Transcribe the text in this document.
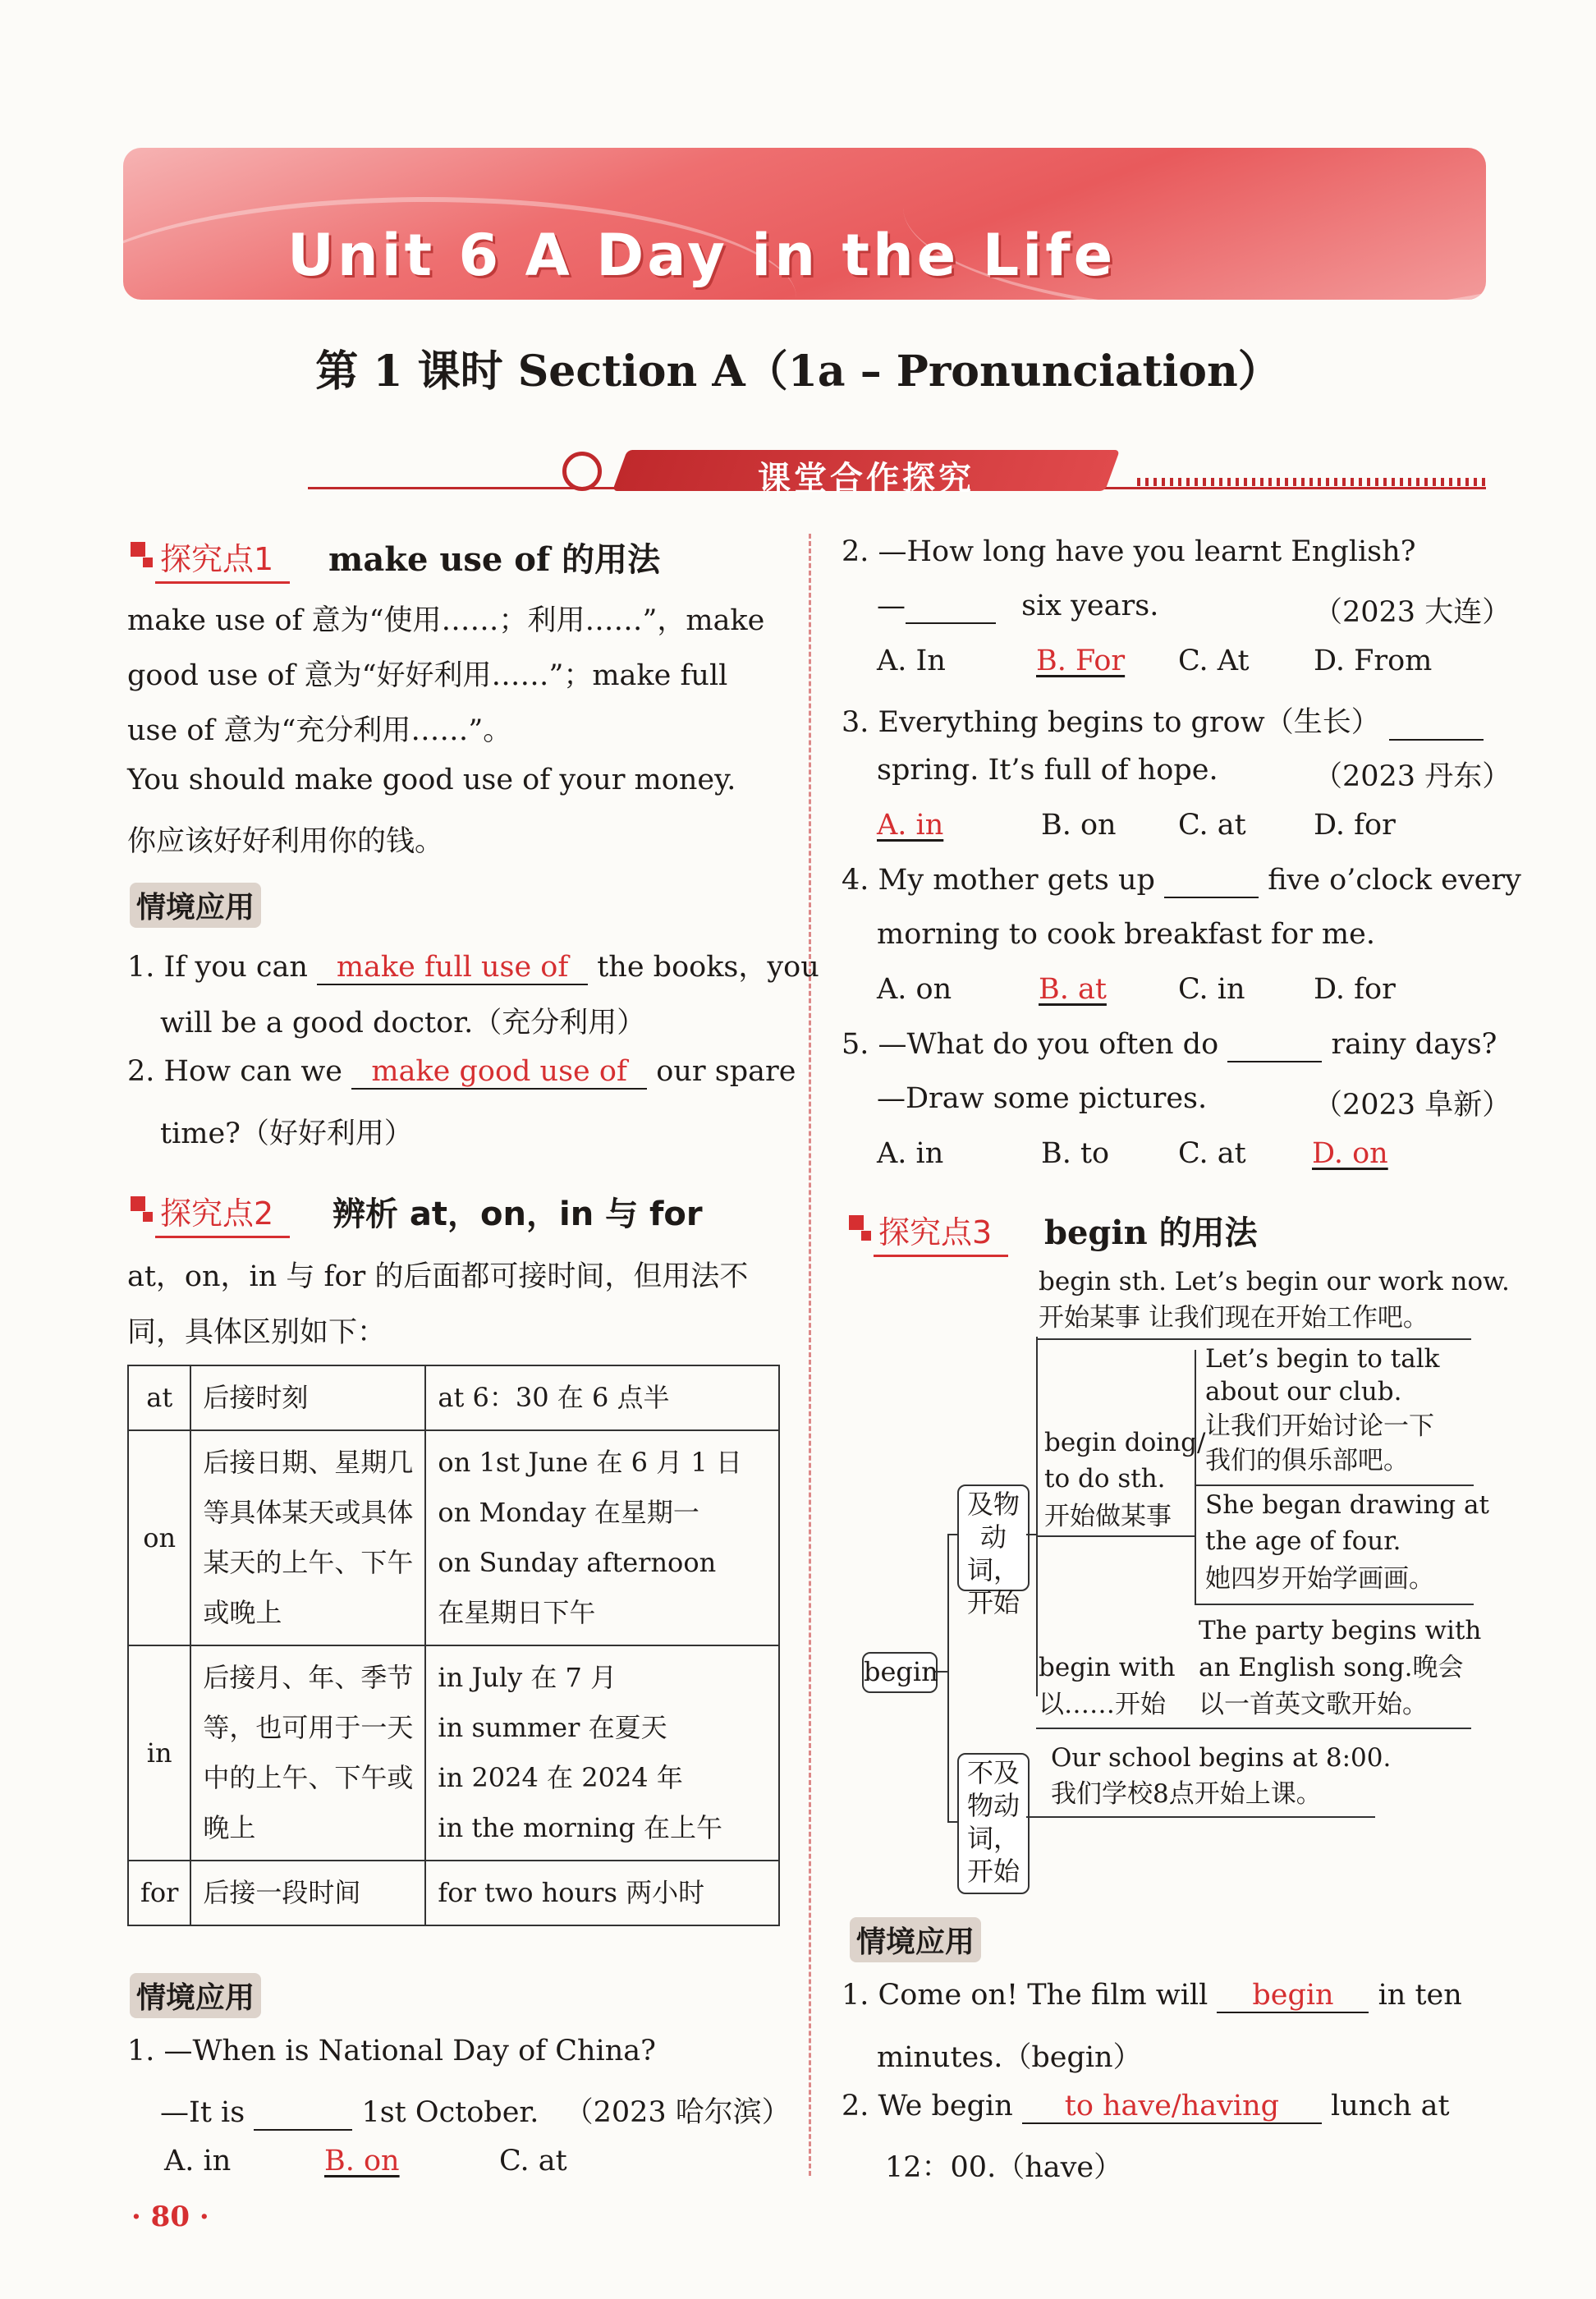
Unit 6 A Day in the Life
第 1 课时 Section A（1a – Pronunciation）
课堂合作探究
探究点1 make use of 的用法
make use of 意为“使用……；利用……”，make
good use of 意为“好好利用……”；make full
use of 意为“充分利用……”。
You should make good use of your money.
你应该好好利用你的钱。
情境应用
1. If you can make full use of the books，you
will be a good doctor.（充分利用）
2. How can we make good use of our spare
time?（好好利用）
探究点2 辨析 at，on，in 与 for
at，on，in 与 for 的后面都可接时间，但用法不
同，具体区别如下：
at	后接时刻	at 6：30 在 6 点半

on	后接日期、星期几
等具体某天或具体
某天的上午、下午
或晚上	on 1st June 在 6 月 1 日
on Monday 在星期一
on Sunday afternoon
在星期日下午

in	后接月、年、季节
等，也可用于一天
中的上午、下午或
晚上	in July 在 7 月
in summer 在夏天
in 2024 在 2024 年
in the morning 在上午

for	后接一段时间	for two hours 两小时
情境应用
1. —When is National Day of China?
—It is	1st October. （2023 哈尔滨）
A. in	B. on	C. at
2. —How long have you learnt English?
—	six years.	（2023 大连）
A. In	B. For C. At D. From
3. Everything begins to grow（生长）
spring. It’s full of hope.	（2023 丹东）
A. in	B. on C. at D. for
4. My mother gets up	five o’clock every
morning to cook breakfast for me.
A. on	B. at C. in D. for
5. —What do you often do	rainy days?
—Draw some pictures.	（2023 阜新）
A. in	B. to C. at D. on
探究点3 begin 的用法
begin
及物动词，开始
不及物动词，开始
begin sth. Let’s begin our work now.
开始某事 让我们现在开始工作吧。
begin doing/
to do sth.
开始做某事
Let’s begin to talk
about our club.
让我们开始讨论一下
我们的俱乐部吧。
She began drawing at
the age of four.
她四岁开始学画画。
begin with
以……开始
The party begins with
an English song.晚会
以一首英文歌开始。
Our school begins at 8:00.
我们学校8点开始上课。
情境应用
1. Come on! The film will begin in ten
minutes.（begin）
2. We begin to have/having lunch at
12：00.（have）
· 80 ·
